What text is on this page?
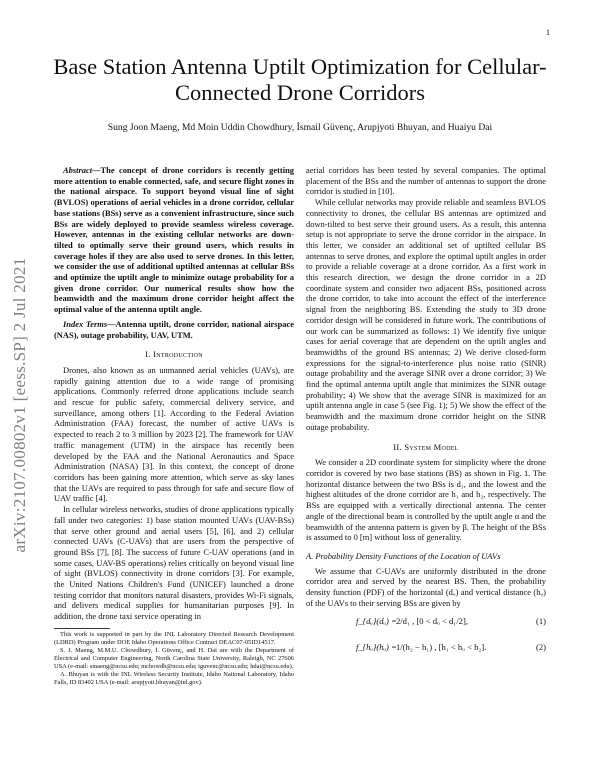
1
arXiv:2107.00802v1 [eess.SP] 2 Jul 2021
Base Station Antenna Uptilt Optimization for Cellular-Connected Drone Corridors
Sung Joon Maeng, Md Moin Uddin Chowdhury, İsmail Güvenç, Arupjyoti Bhuyan, and Huaiyu Dai

Abstract—The concept of drone corridors is recently getting more attention to enable connected, safe, and secure flight zones in the national airspace. To support beyond visual line of sight (BVLOS) operations of aerial vehicles in a drone corridor, cellular base stations (BSs) serve as a convenient infrastructure, since such BSs are widely deployed to provide seamless wireless coverage. However, antennas in the existing cellular networks are down-tilted to optimally serve their ground users, which results in coverage holes if they are also used to serve drones. In this letter, we consider the use of additional uptilted antennas at cellular BSs and optimize the uptilt angle to minimize outage probability for a given drone corridor. Our numerical results show how the beamwidth and the maximum drone corridor height affect the optimal value of the antenna uptilt angle.

Index Terms—Antenna uptilt, drone corridor, national airspace (NAS), outage probability, UAV, UTM.

I. Introduction

Drones, also known as an unmanned aerial vehicles (UAVs), are rapidly gaining attention due to a wide range of promising applications. Commonly referred drone applications include search and rescue for public safety, commercial delivery service, and surveillance, among others [1]. According to the Federal Aviation Administration (FAA) forecast, the number of active UAVs is expected to reach 2 to 3 million by 2023 [2]. The framework for UAV traffic management (UTM) in the airspace has recently been developed by the FAA and the National Aeronautics and Space Administration (NASA) [3]. In this context, the concept of drone corridors has been gaining more attention, which serve as sky lanes that the UAVs are required to pass through for safe and secure flow of UAV traffic [4].

In cellular wireless networks, studies of drone applications typically fall under two categories: 1) base station mounted UAVs (UAV-BSs) that serve other ground and aerial users [5], [6], and 2) cellular connected UAVs (C-UAVs) that are users from the perspective of ground BSs [7], [8]. The success of future C-UAV operations (and in some cases, UAV-BS operations) relies critically on beyond visual line of sight (BVLOS) connectivity in drone corridors [3]. For example, the United Nations Children's Fund (UNICEF) launched a drone testing corridor that monitors natural disasters, provides Wi-Fi signals, and delivers medical supplies for humanitarian purposes [9]. In addition, the drone taxi service operating in

This work is supported in part by the INL Laboratory Directed Research Development (LDRD) Program under DOE Idaho Operations Office Contract DEAC07-05ID14517.

S. J. Maeng, M.M.U. Chowdhury, İ. Güvenç, and H. Dai are with the Department of Electrical and Computer Engineering, North Carolina State University, Raleigh, NC 27606 USA (e-mail: smaeng@ncsu.edu; mchowdh@ncsu.edu; iguvenc@ncsu.edu; hdai@ncsu.edu).

A. Bhuyan is with the INL Wireless Security Institute, Idaho National Laboratory, Idaho Falls, ID 83402 USA (e-mail: arupjyoti.bhuyan@inl.gov).

aerial corridors has been tested by several companies. The optimal placement of the BSs and the number of antennas to support the drone corridor is studied in [10].

While cellular networks may provide reliable and seamless BVLOS connectivity to drones, the cellular BS antennas are optimized and down-tilted to best serve their ground users. As a result, this antenna setup is not appropriate to serve the drone corridor in the airspace. In this letter, we consider an additional set of uptilted cellular BS antennas to serve drones, and explore the optimal uptilt angles in order to provide a reliable coverage at a drone corridor. As a first work in this research direction, we design the drone corridor in a 2D coordinate system and consider two adjacent BSs, positioned across the drone corridor, to take into account the effect of the interference signal from the neighboring BS. Extending the study to 3D drone corridor design will be considered in future work. The contributions of our work can be summarized as follows: 1) We identify five unique cases for aerial coverage that are dependent on the uptilt angles and beamwidths of the ground BS antennas; 2) We derive closed-form expressions for the signal-to-interference plus noise ratio (SINR) outage probability and the average SINR over a drone corridor; 3) We find the optimal antenna uptilt angle that minimizes the SINR outage probability; 4) We show that the average SINR is maximized for an uptilt antenna angle in case 5 (see Fig. 1); 5) We show the effect of the beamwidth and the maximum drone corridor height on the SINR outage probability.

II. System Model

We consider a 2D coordinate system for simplicity where the drone corridor is covered by two base stations (BS) as shown in Fig. 1. The horizontal distance between the two BSs is d₁, and the lowest and the highest altitudes of the drone corridor are h₁ and h₂, respectively. The BSs are equipped with a vertically directional antenna. The center angle of the directional beam is controlled by the uptilt angle α and the beamwidth of the antenna pattern is given by β. The height of the BSs is assumed to 0 [m] without loss of generality.

A. Probability Density Functions of the Location of UAVs

We assume that C-UAVs are uniformly distributed in the drone corridor area and served by the nearest BS. Then, the probability density function (PDF) of the horizontal (dᵤ) and vertical distance (hᵤ) of the UAVs to their serving BSs are given by

f_{dᵤ}(dᵤ) = 2/d₁ , [0 < dᵤ < d₁/2],	(1)
f_{hᵤ}(hᵤ) = 1/(h₂ − h₁) , [h₁ < hᵤ < h₂].	(2)
